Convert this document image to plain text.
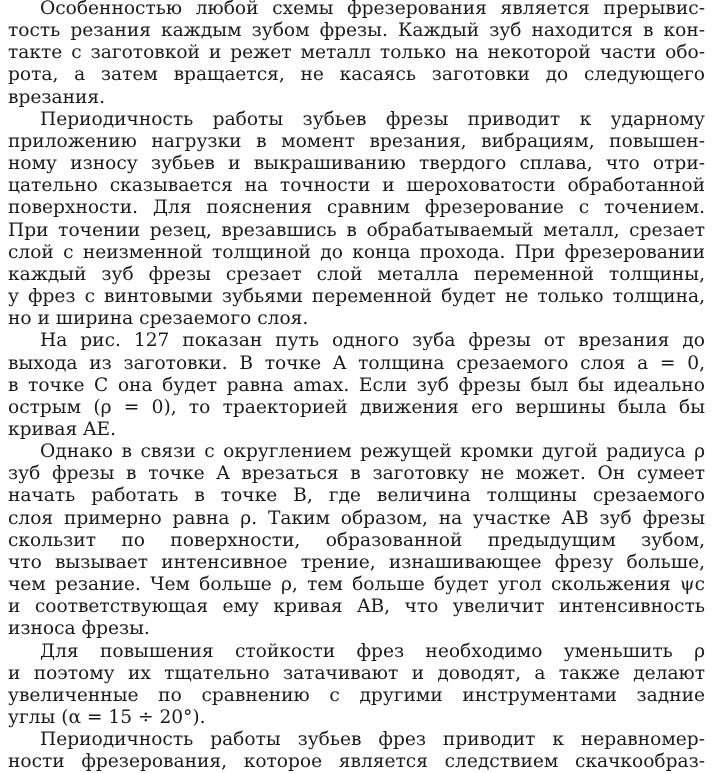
Особенностью любой схемы фрезерования является прерывис-
тость резания каждым зубом фрезы. Каждый зуб находится в кон-
такте с заготовкой и режет металл только на некоторой части обо-
рота, а затем вращается, не касаясь заготовки до следующего
врезания.
Периодичность работы зубьев фрезы приводит к ударному
приложению нагрузки в момент врезания, вибрациям, повышен-
ному износу зубьев и выкрашиванию твердого сплава, что отри-
цательно сказывается на точности и шероховатости обработанной
поверхности. Для пояснения сравним фрезерование с точением.
При точении резец, врезавшись в обрабатываемый металл, срезает
слой с неизменной толщиной до конца прохода. При фрезеровании
каждый зуб фрезы срезает слой металла переменной толщины,
у фрез с винтовыми зубьями переменной будет не только толщина,
но и ширина срезаемого слоя.
На рис. 127 показан путь одного зуба фрезы от врезания до
выхода из заготовки. В точке A толщина срезаемого слоя a = 0,
в точке C она будет равна amax. Если зуб фрезы был бы идеально
острым (ρ = 0), то траекторией движения его вершины была бы
кривая AE.
Однако в связи с округлением режущей кромки дугой радиуса ρ
зуб фрезы в точке A врезаться в заготовку не может. Он сумеет
начать работать в точке B, где величина толщины срезаемого
слоя примерно равна ρ. Таким образом, на участке AB зуб фрезы
скользит по поверхности, образованной предыдущим зубом,
что вызывает интенсивное трение, изнашивающее фрезу больше,
чем резание. Чем больше ρ, тем больше будет угол скольжения ψc
и соответствующая ему кривая AB, что увеличит интенсивность
износа фрезы.
Для повышения стойкости фрез необходимо уменьшить ρ
и поэтому их тщательно затачивают и доводят, а также делают
увеличенные по сравнению с другими инструментами задние
углы (α = 15 ÷ 20°).
Периодичность работы зубьев фрез приводит к неравномер-
ности фрезерования, которое является следствием скачкообраз-
